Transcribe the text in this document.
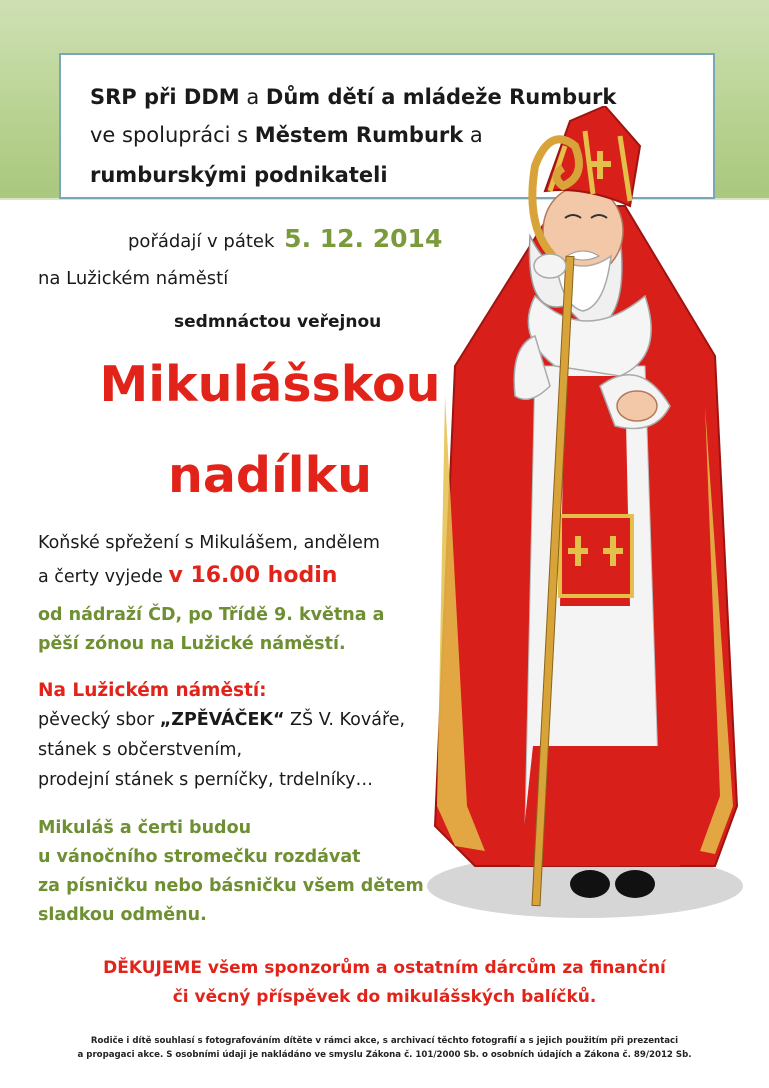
SRP při DDM a Dům dětí a mládeže Rumburk
ve spolupráci s Městem Rumburk a
rumburskými podnikateli
pořádají v pátek 5. 12. 2014
na Lužickém náměstí
sedmnáctou veřejnou
Mikulášskou
nadílku
Koňské spřežení s Mikulášem, andělem
a čerty vyjede v 16.00 hodin
od nádraží ČD, po Třídě 9. května a
pěší zónou na Lužické náměstí.
Na Lužickém náměstí:
pěvecký sbor „ZPĚVÁČEK“ ZŠ V. Kováře,
stánek s občerstvením,
prodejní stánek s perníčky, trdelníky…
Mikuláš a čerti budou
u vánočního stromečku rozdávat
za písničku nebo básničku všem dětem
sladkou odměnu.
DĚKUJEME všem sponzorům a ostatním dárcům za finanční
či věcný příspěvek do mikulášských balíčků.
Rodiče i dítě souhlasí s fotografováním dítěte v rámci akce, s archivací těchto fotografií a s jejich použitím při prezentaci
a propagaci akce. S osobními údaji je nakládáno ve smyslu Zákona č. 101/2000 Sb. o osobních údajích a Zákona č. 89/2012 Sb.
